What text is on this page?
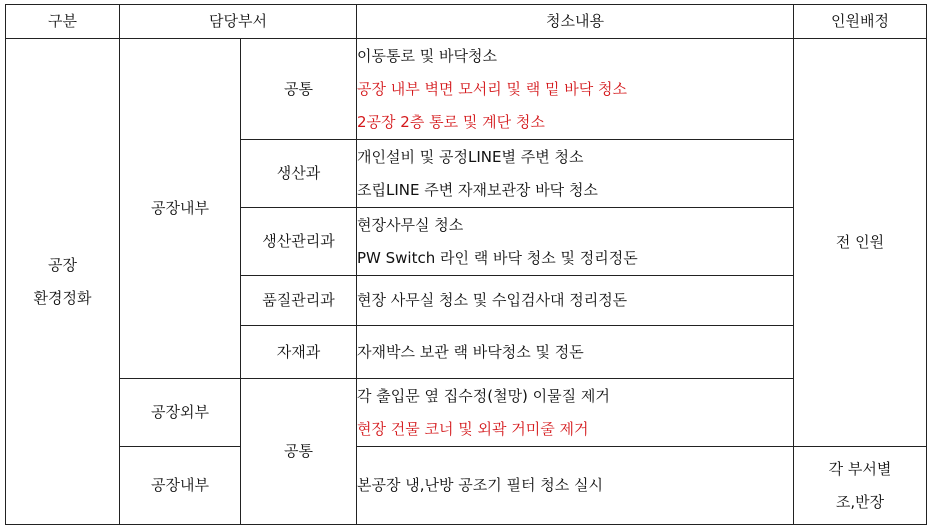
구분	담당부서		청소내용	인원배정

공장
환경정화	공장내부	공통	이동통로 및 바닥청소
공장 내부 벽면 모서리 및 랙 밑 바닥 청소
2공장 2층 통로 및 계단 청소	전 인원
		생산과	개인설비 및 공정LINE별 주변 청소
조립LINE 주변 자재보관장 바닥 청소	

		생산관리과	현장사무실 청소
PW Switch 라인 랙 바닥 청소 및 정리정돈	

		품질관리과	현장 사무실 청소 및 수입검사대 정리정돈	

		자재과	자재박스 보관 랙 바닥청소 및 정돈	

	공장외부	공통	각 출입문 옆 집수정(철망) 이물질 제거
현장 건물 코너 및 외곽 거미줄 제거	

	공장내부		본공장 냉,난방 공조기 필터 청소 실시	각 부서별
조,반장
